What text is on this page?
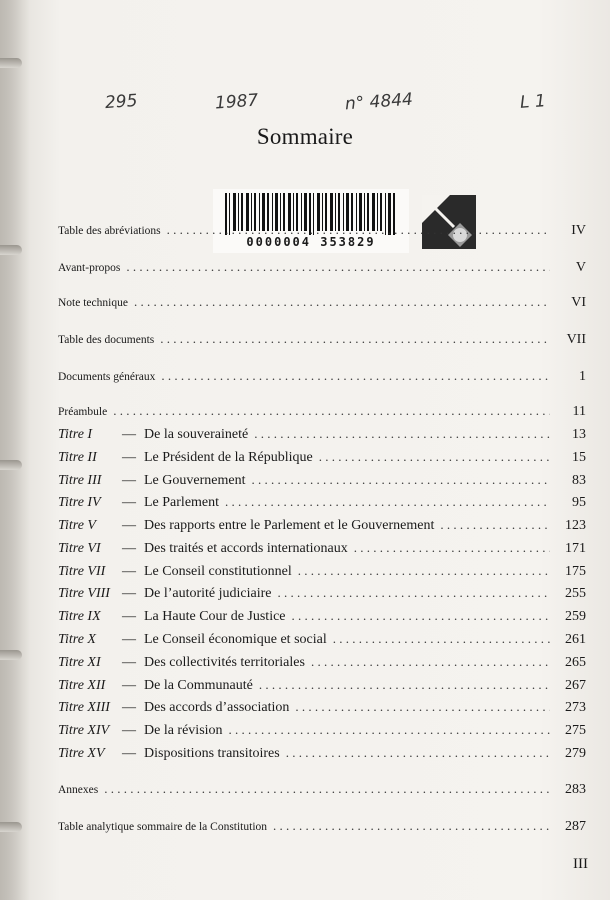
295	1987	n° 4844	L 1
Sommaire
0000004 353829
Table des abréviations . . .	IV
Avant-propos . . .	V
Note technique . . .	VI
Table des documents . . .	VII
Documents généraux . . .	1
Préambule . . .	11
Titre I	— De la souveraineté . . .	13
Titre II	— Le Président de la République . . .	15
Titre III	— Le Gouvernement . . .	83
Titre IV	— Le Parlement . . .	95
Titre V	— Des rapports entre le Parlement et le Gouvernement . . .	123
Titre VI	— Des traités et accords internationaux . . .	171
Titre VII	— Le Conseil constitutionnel . . .	175
Titre VIII — De l’autorité judiciaire . . .	255
Titre IX	— La Haute Cour de Justice . . .	259
Titre X	— Le Conseil économique et social . . .	261
Titre XI	— Des collectivités territoriales . . .	265
Titre XII	— De la Communauté . . .	267
Titre XIII — Des accords d’association . . .	273
Titre XIV — De la révision . . .	275
Titre XV	— Dispositions transitoires . . .	279
Annexes . . .	283
Table analytique sommaire de la Constitution . . .	287
III
